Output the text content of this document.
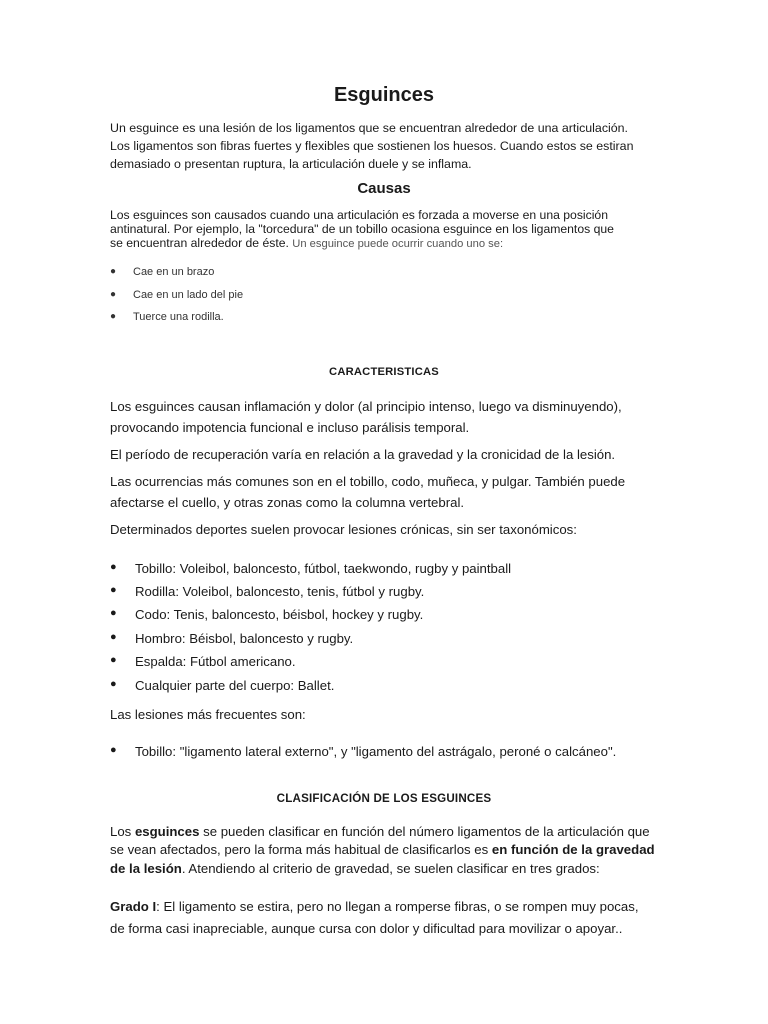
Esguinces
Un esguince es una lesión de los ligamentos que se encuentran alrededor de una articulación.
Los ligamentos son fibras fuertes y flexibles que sostienen los huesos. Cuando estos se estiran
demasiado o presentan ruptura, la articulación duele y se inflama.
Causas
Los esguinces son causados cuando una articulación es forzada a moverse en una posición
antinatural. Por ejemplo, la "torcedura" de un tobillo ocasiona esguince en los ligamentos que
se encuentran alrededor de éste. Un esguince puede ocurrir cuando uno se:
● Cae en un brazo
● Cae en un lado del pie
● Tuerce una rodilla.
CARACTERISTICAS
Los esguinces causan inflamación y dolor (al principio intenso, luego va disminuyendo),
provocando impotencia funcional e incluso parálisis temporal.
El período de recuperación varía en relación a la gravedad y la cronicidad de la lesión.
Las ocurrencias más comunes son en el tobillo, codo, muñeca, y pulgar. También puede
afectarse el cuello, y otras zonas como la columna vertebral.
Determinados deportes suelen provocar lesiones crónicas, sin ser taxonómicos:
● Tobillo: Voleibol, baloncesto, fútbol, taekwondo, rugby y paintball
● Rodilla: Voleibol, baloncesto, tenis, fútbol y rugby.
● Codo: Tenis, baloncesto, béisbol, hockey y rugby.
● Hombro: Béisbol, baloncesto y rugby.
● Espalda: Fútbol americano.
● Cualquier parte del cuerpo: Ballet.
Las lesiones más frecuentes son:
● Tobillo: "ligamento lateral externo", y "ligamento del astrágalo, peroné o calcáneo".
CLASIFICACIÓN DE LOS ESGUINCES
Los esguinces se pueden clasificar en función del número ligamentos de la articulación que
se vean afectados, pero la forma más habitual de clasificarlos es en función de la gravedad
de la lesión. Atendiendo al criterio de gravedad, se suelen clasificar en tres grados:
Grado I: El ligamento se estira, pero no llegan a romperse fibras, o se rompen muy pocas,
de forma casi inapreciable, aunque cursa con dolor y dificultad para movilizar o apoyar..
